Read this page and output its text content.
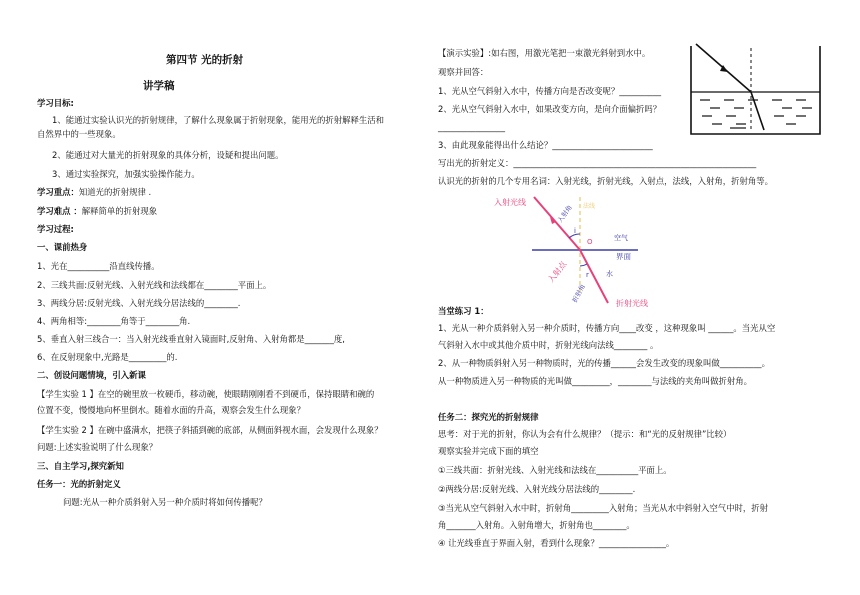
第四节 光的折射
讲学稿
学习目标:
1、能通过实验认识光的折射规律，了解什么现象属于折射现象，能用光的折射解释生活和
自然界中的一些现象。
2、能通过对大量光的折射现象的具体分析，设疑和提出问题。
3、通过实验探究，加强实验操作能力。
学习重点：知道光的折射规律 .
学习难点 ：解释简单的折射现象
学习过程:
一、课前热身
1、光在__________沿直线传播。
2、三线共面:反射光线、入射光线和法线都在________平面上。
3、两线分居:反射光线、入射光线分居法线的________.
4、两角相等:________角等于________角.
5、垂直入射三线合一：当入射光线垂直射入镜面时,反射角、入射角都是_______度,
6、在反射现象中,光路是_________的.
二、创设问题情境，引入新课
【学生实验 1 】在空的碗里放一枚硬币，移动碗，使眼睛刚刚看不到硬币，保持眼睛和碗的
位置不变，慢慢地向杯里倒水。随着水面的升高，观察会发生什么现象？
【学生实验 2 】在碗中盛满水，把筷子斜插到碗的底部，从侧面斜视水面，会发现什么现象？
问题:上述实验说明了什么现象？
三、自主学习,探究新知
任务一：光的折射定义
问题:光从一种介质斜射入另一种介质时将如何传播呢？
【演示实验】:如右图，用激光笔把一束激光斜射到水中。
观察并回答：
1、光从空气斜射入水中，传播方向是否改变呢？__________
2、光从空气斜射入水中，如果改变方向，是向介面偏折吗？
________________
3、由此现象能得出什么结论？________________________
写出光的折射定义：__________________________________________________________
认识光的折射的几个专用名词：入射光线，折射光线，入射点，法线，入射角，折射角等。
入射光线	法线
入射角
i
O	空气
界面
r 水
入射点
折射角	折射光线
当堂练习 1：
1、光从一种介质斜射入另一种介质时，传播方向____改变 ，这种现象叫 ______。当光从空
气斜射入水中或其他介质中时，折射光线向法线________ 。
2、从一种物质斜射入另一种物质时，光的传播______会发生改变的现象叫做__________。
从一种物质进入另一种物质的光叫做_________，________与法线的夹角叫做折射角。
任务二：探究光的折射规律
思考：对于光的折射，你认为会有什么规律？（提示：和“光的反射规律”比较）
观察实验并完成下面的填空
①三线共面：折射光线、入射光线和法线在__________平面上。
②两线分居:反射光线、入射光线分居法线的________.
③当光从空气斜射入水中时，折射角_________入射角；当光从水中斜射入空气中时，折射
角_______入射角。入射角增大，折射角也________。
④ 让光线垂直于界面入射，看到什么现象？________________。
